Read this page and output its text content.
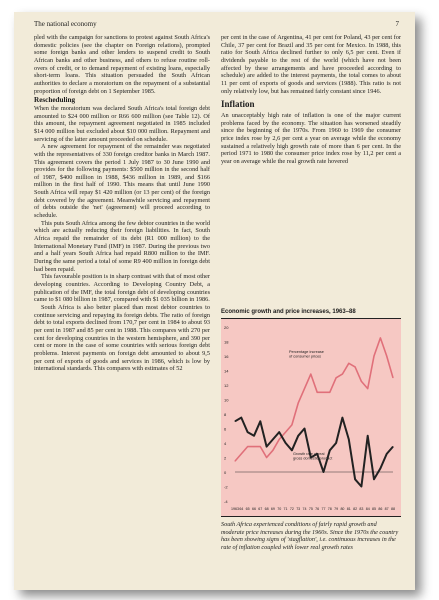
The national economy	7

pled with the campaign for sanctions to protest against South Africa's domestic policies (see the chapter on Foreign relations), prompted some foreign banks and other lenders to suspend credit to South African banks and other business, and others to refuse routine roll-overs of credit, or to demand repayment of existing loans, especially short-term loans. This situation persuaded the South African authorities to declare a moratorium on the repayment of a substantial proportion of foreign debt on 1 September 1985.

Rescheduling

When the moratorium was declared South Africa's total foreign debt amounted to $24 000 million or R66 600 million (see Table 12). Of this amount, the repayment agreement negotiated in 1985 included $14 000 million but excluded about $10 000 million. Repayment and servicing of the latter amount proceeded on schedule.

A new agreement for repayment of the remainder was negotiated with the representatives of 330 foreign creditor banks in March 1987. This agreement covers the period 1 July 1987 to 30 June 1990 and provides for the following payments: $500 million in the second half of 1987, $400 million in 1988, $436 million in 1989, and $166 million in the first half of 1990. This means that until June 1990 South Africa will repay $1 420 million (or 13 per cent) of the foreign debt covered by the agreement. Meanwhile servicing and repayment of debts outside the 'net' (agreement) will proceed according to schedule.

This puts South Africa among the few debtor countries in the world which are actually reducing their foreign liabilities. In fact, South Africa repaid the remainder of its debt (R1 000 million) to the International Monetary Fund (IMF) in 1987. During the previous two and a half years South Africa had repaid R800 million to the IMF. During the same period a total of some R9 400 million in foreign debt had been repaid.

This favourable position is in sharp contrast with that of most other developing countries. According to Developing Country Debt, a publication of the IMF, the total foreign debt of developing countries came to $1 080 billion in 1987, compared with $1 035 billion in 1986.

South Africa is also better placed than most debtor countries to continue servicing and repaying its foreign debts. The ratio of foreign debt to total exports declined from 170,7 per cent in 1984 to about 93 per cent in 1987 and 85 per cent in 1988. This compares with 270 per cent for developing countries in the western hemisphere, and 390 per cent or more in the case of some countries with serious foreign debt problems. Interest payments on foreign debt amounted to about 9,5 per cent of exports of goods and services in 1986, which is low by international standards. This compares with estimates of 52

per cent in the case of Argentina, 41 per cent for Poland, 43 per cent for Chile, 37 per cent for Brazil and 35 per cent for Mexico. In 1988, this ratio for South Africa declined further to only 6,5 per cent. Even if dividends payable to the rest of the world (which have not been affected by these arrangements and have proceeded according to schedule) are added to the interest payments, the total comes to about 11 per cent of exports of goods and services (1988). This ratio is not only relatively low, but has remained fairly constant since 1946.

Inflation

An unacceptably high rate of inflation is one of the major current problems faced by the economy. The situation has worsened steadily since the beginning of the 1970s. From 1960 to 1969 the consumer price index rose by 2,6 per cent a year on average while the economy sustained a relatively high growth rate of more than 6 per cent. In the period 1971 to 1980 the consumer price index rose by 11,2 per cent a year on average while the real growth rate hovered

Economic growth and price increases, 1963–88
-4
-2
0
2
4
6
8
10
12
14
16
18
20
1963 64 65 66 67 68 69 70 71 72 73 74 75 76 77 78 79 80 81 82 83 84 85 86 87 88
Percentage increase of consumer prices
Growth rate of real gross domestic product
South Africa experienced conditions of fairly rapid growth and moderate price increases during the 1960s. Since the 1970s the country has been showing signs of 'stagflation', i.e. continuous increases in the rate of inflation coupled with lower real growth rates
